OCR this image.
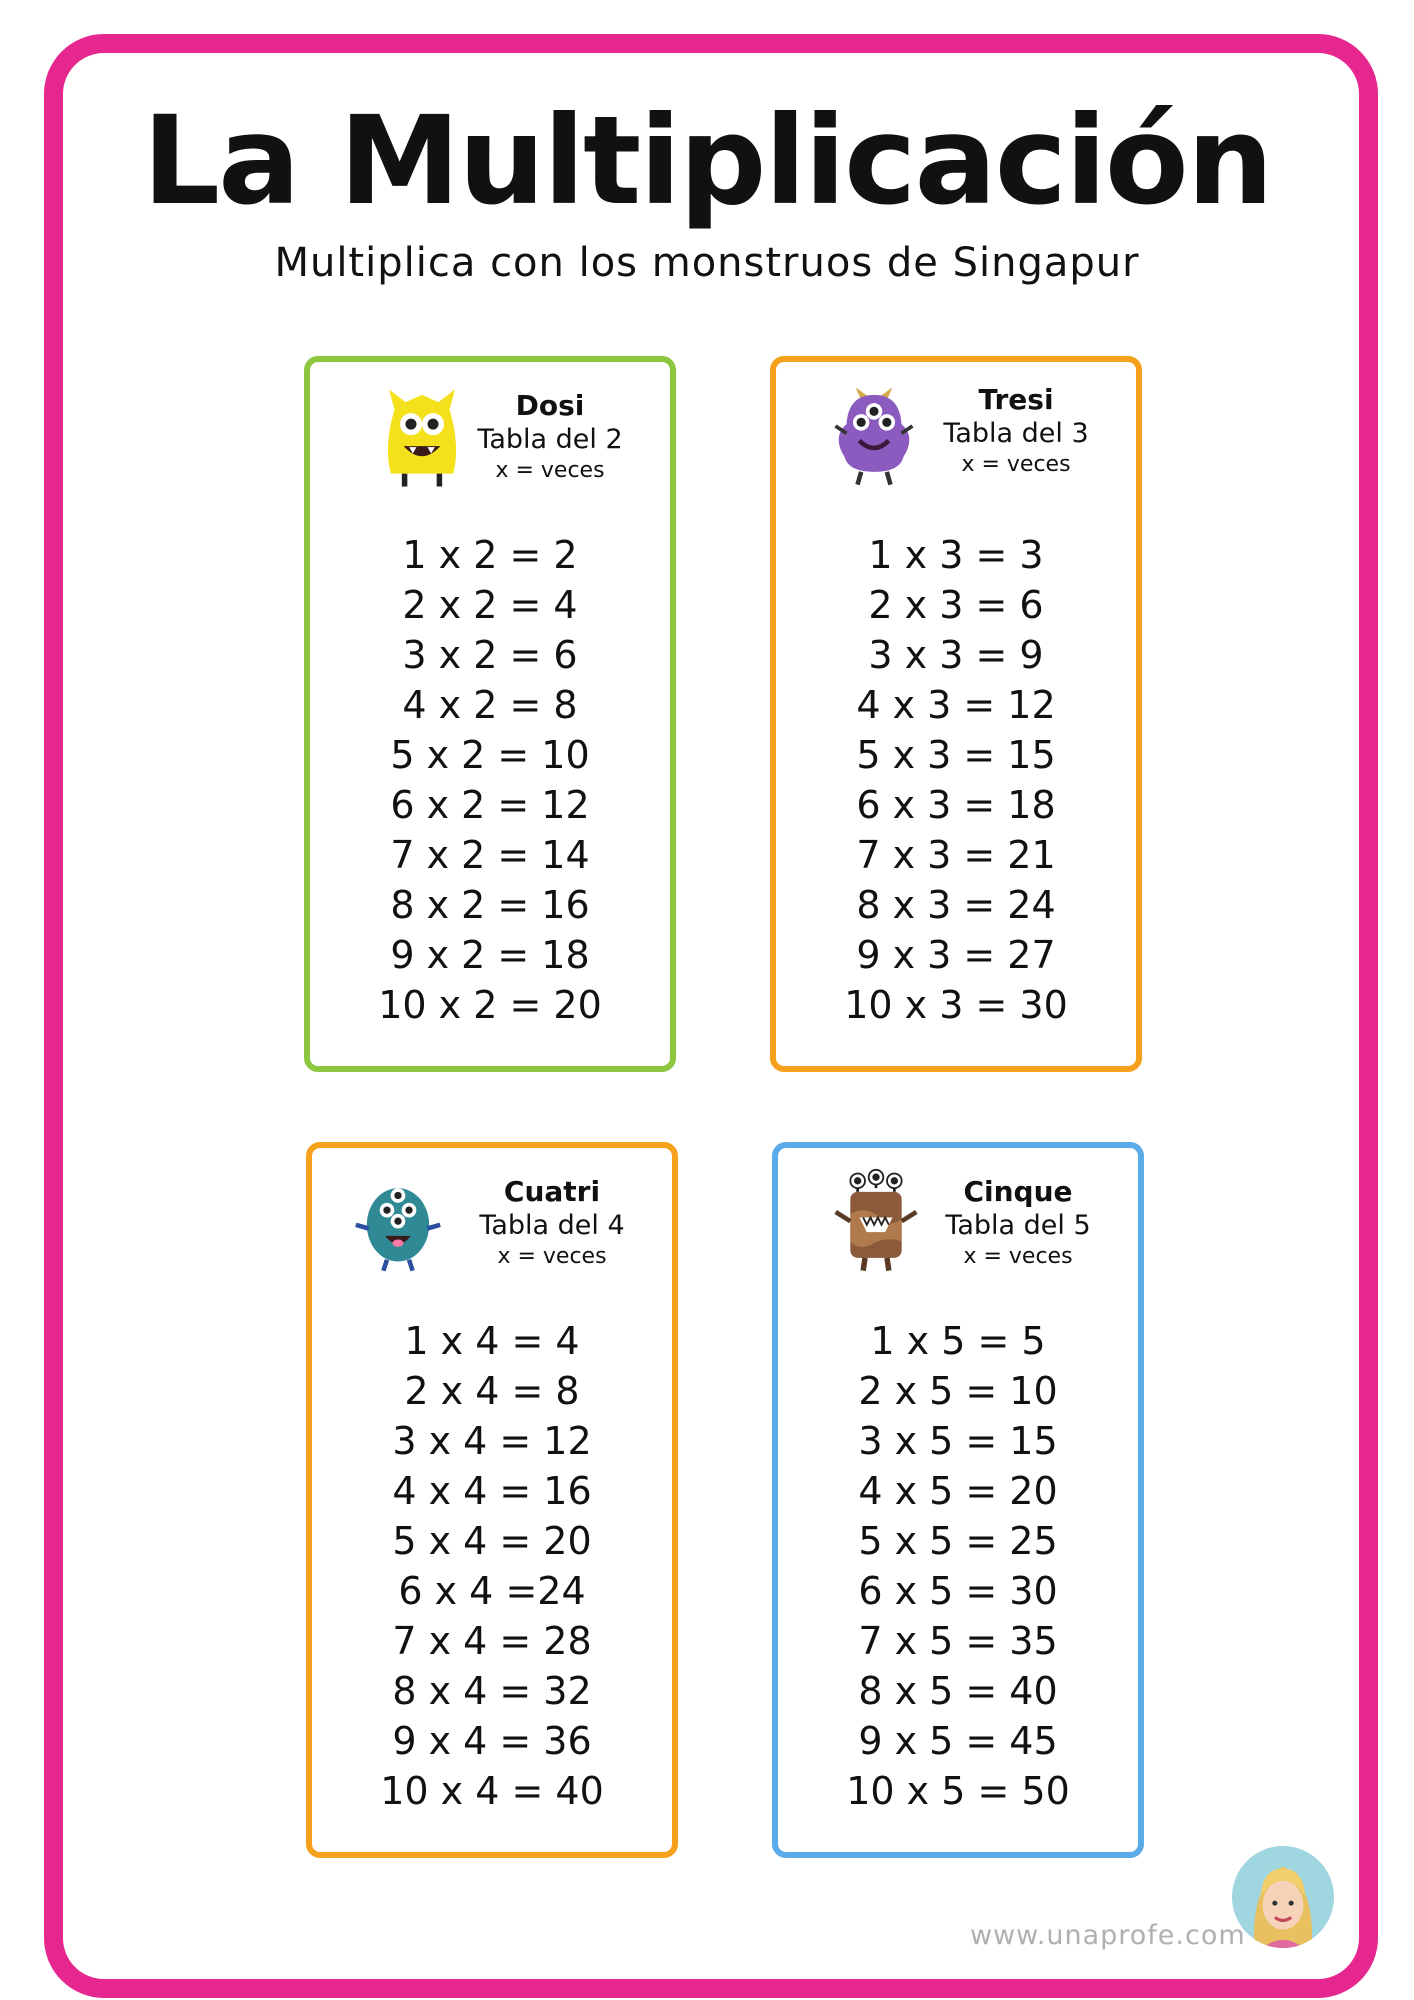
La Multiplicación
Multiplica con los monstruos de Singapur
Dosi
Tabla del 2
x = veces
1 x 2 = 2
2 x 2 = 4
3 x 2 = 6
4 x 2 = 8
5 x 2 = 10
6 x 2 = 12
7 x 2 = 14
8 x 2 = 16
9 x 2 = 18
10 x 2 = 20
Tresi
Tabla del 3
x = veces
1 x 3 = 3
2 x 3 = 6
3 x 3 = 9
4 x 3 = 12
5 x 3 = 15
6 x 3 = 18
7 x 3 = 21
8 x 3 = 24
9 x 3 = 27
10 x 3 = 30
Cuatri
Tabla del 4
x = veces
1 x 4 = 4
2 x 4 = 8
3 x 4 = 12
4 x 4 = 16
5 x 4 = 20
6 x 4 =24
7 x 4 = 28
8 x 4 = 32
9 x 4 = 36
10 x 4 = 40
Cinque
Tabla del 5
x = veces
1 x 5 = 5
2 x 5 = 10
3 x 5 = 15
4 x 5 = 20
5 x 5 = 25
6 x 5 = 30
7 x 5 = 35
8 x 5 = 40
9 x 5 = 45
10 x 5 = 50
www.unaprofe.com
